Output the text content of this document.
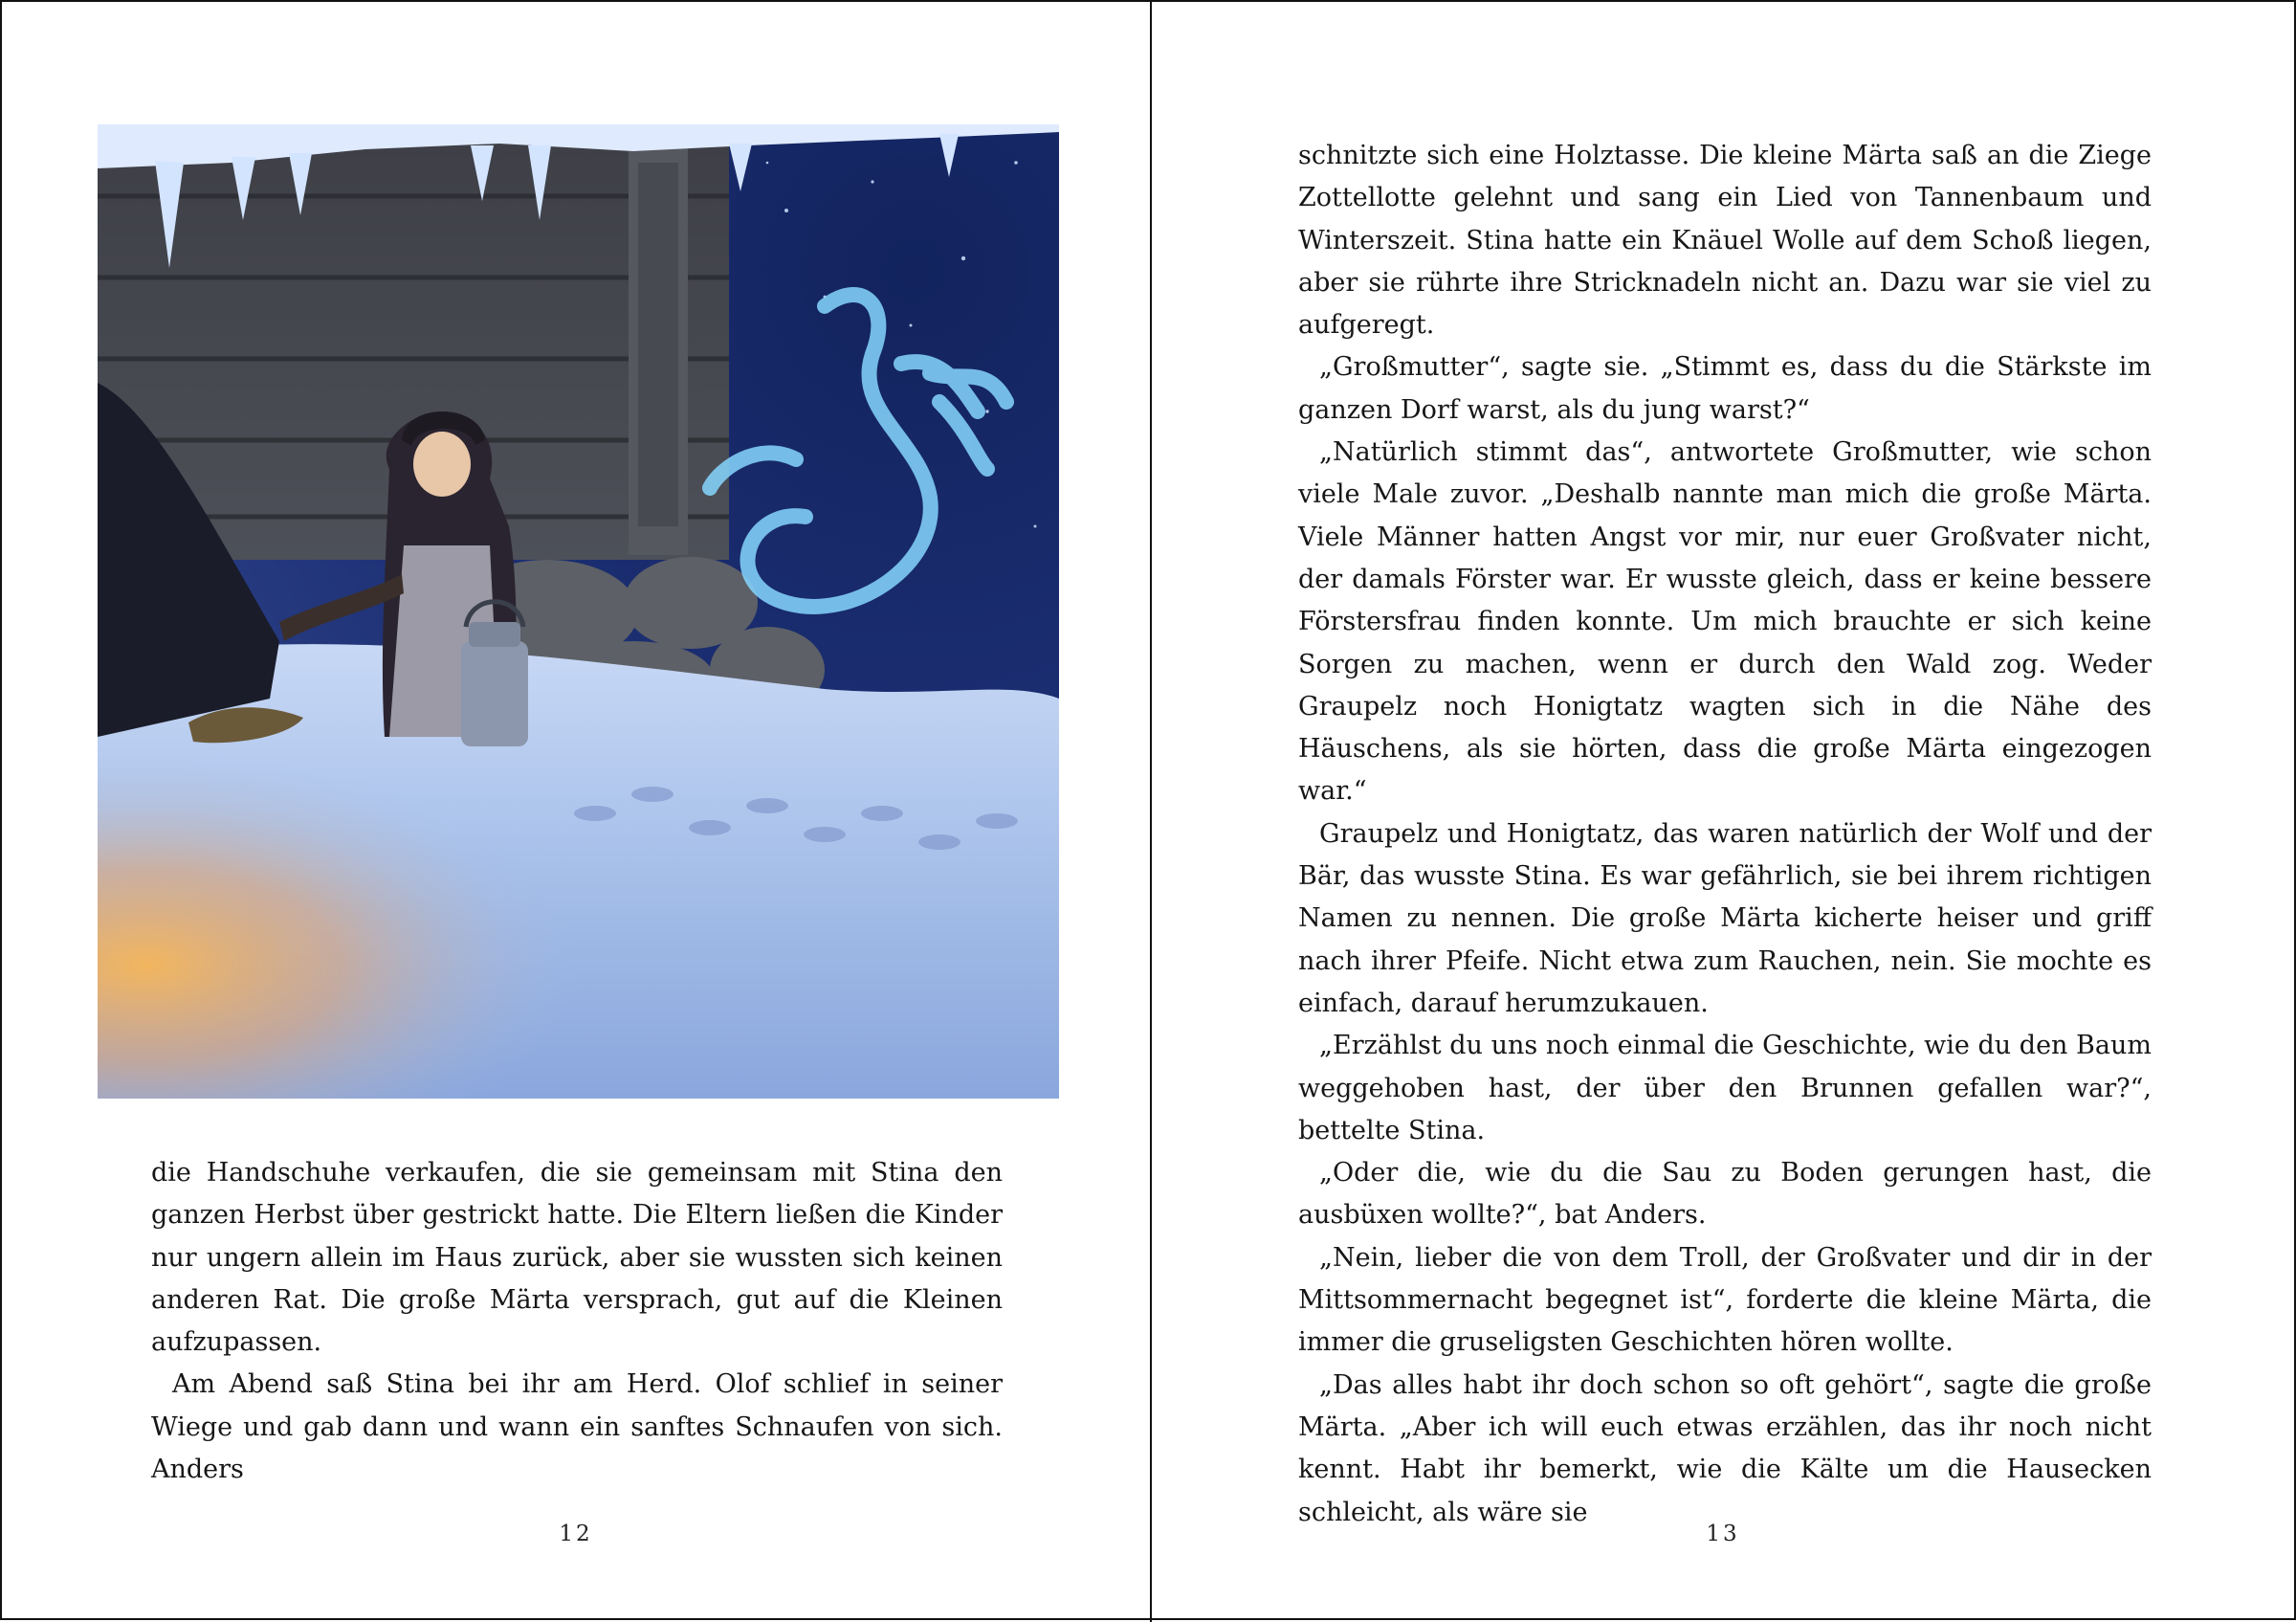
die Handschuhe verkaufen, die sie gemeinsam mit Stina den ganzen Herbst über gestrickt hatte. Die Eltern ließen die Kinder nur ungern allein im Haus zurück, aber sie wussten sich keinen anderen Rat. Die große Märta versprach, gut auf die Kleinen aufzupassen.

Am Abend saß Stina bei ihr am Herd. Olof schlief in seiner Wiege und gab dann und wann ein sanftes Schnaufen von sich. Anders

12

schnitzte sich eine Holztasse. Die kleine Märta saß an die Ziege Zottellotte gelehnt und sang ein Lied von Tannenbaum und Winterszeit. Stina hatte ein Knäuel Wolle auf dem Schoß liegen, aber sie rührte ihre Stricknadeln nicht an. Dazu war sie viel zu aufgeregt.

„Großmutter“, sagte sie. „Stimmt es, dass du die Stärkste im ganzen Dorf warst, als du jung warst?“

„Natürlich stimmt das“, antwortete Großmutter, wie schon viele Male zuvor. „Deshalb nannte man mich die große Märta. Viele Männer hatten Angst vor mir, nur euer Großvater nicht, der damals Förster war. Er wusste gleich, dass er keine bessere Förstersfrau finden konnte. Um mich brauchte er sich keine Sorgen zu machen, wenn er durch den Wald zog. Weder Graupelz noch Honigtatz wagten sich in die Nähe des Häuschens, als sie hörten, dass die große Märta eingezogen war.“

Graupelz und Honigtatz, das waren natürlich der Wolf und der Bär, das wusste Stina. Es war gefährlich, sie bei ihrem richtigen Namen zu nennen. Die große Märta kicherte heiser und griff nach ihrer Pfeife. Nicht etwa zum Rauchen, nein. Sie mochte es einfach, darauf herumzukauen.

„Erzählst du uns noch einmal die Geschichte, wie du den Baum weggehoben hast, der über den Brunnen gefallen war?“, bettelte Stina.

„Oder die, wie du die Sau zu Boden gerungen hast, die ausbüxen wollte?“, bat Anders.

„Nein, lieber die von dem Troll, der Großvater und dir in der Mittsommernacht begegnet ist“, forderte die kleine Märta, die immer die gruseligsten Geschichten hören wollte.

„Das alles habt ihr doch schon so oft gehört“, sagte die große Märta. „Aber ich will euch etwas erzählen, das ihr noch nicht kennt. Habt ihr bemerkt, wie die Kälte um die Hausecken schleicht, als wäre sie

13
